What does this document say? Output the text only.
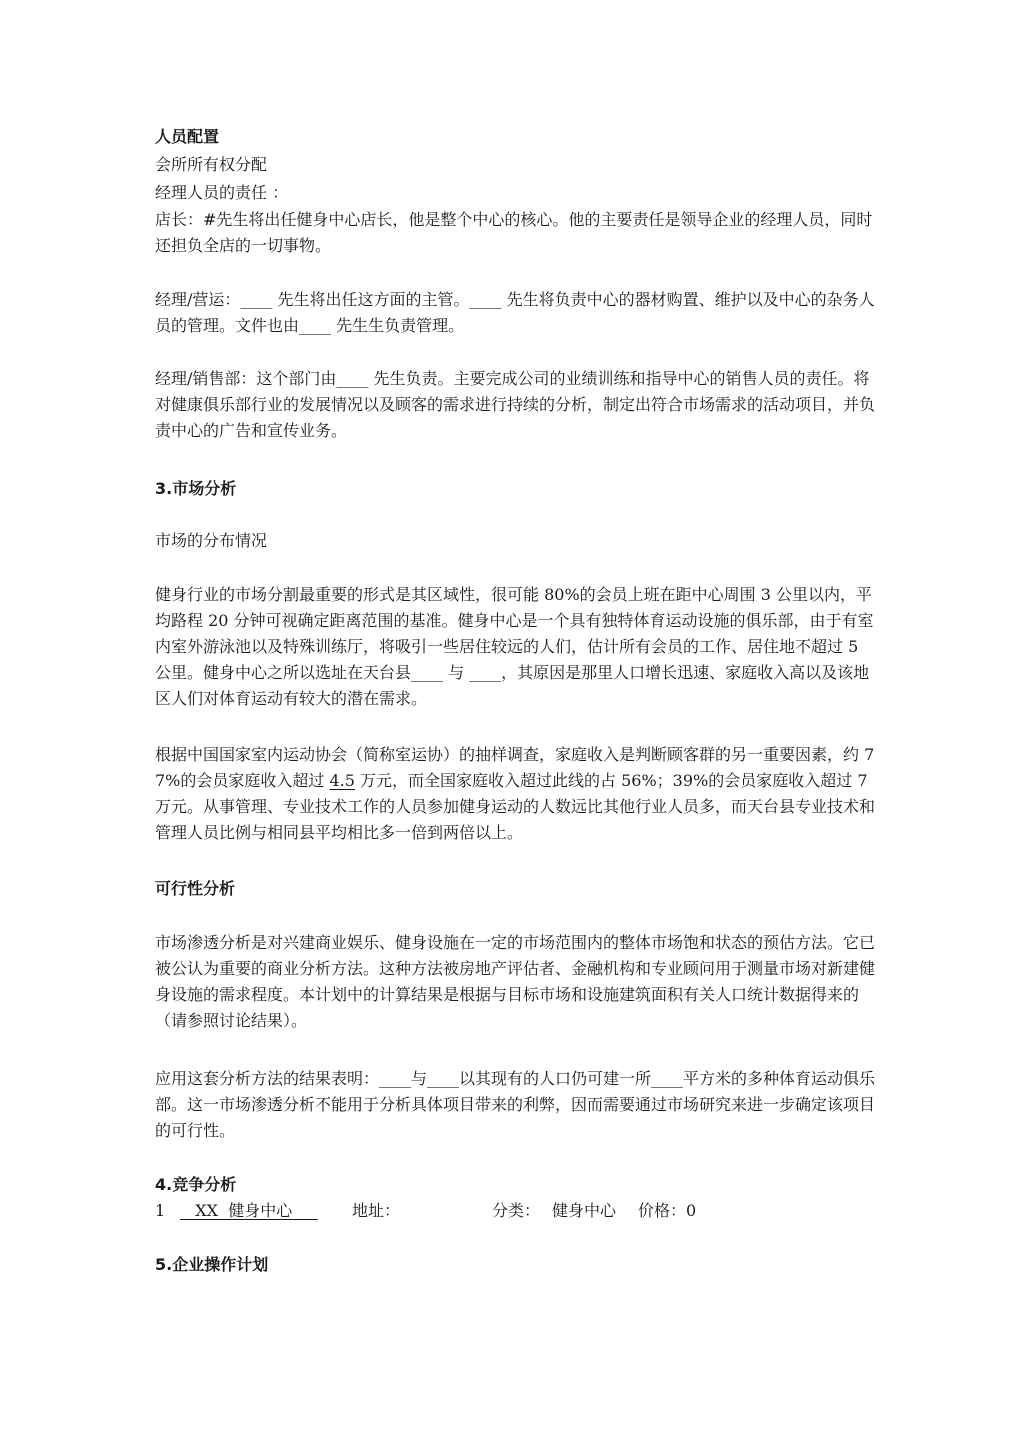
人员配置
会所所有权分配
经理人员的责任 ：
店长：#先生将出任健身中心店长，他是整个中心的核心。他的主要责任是领导企业的经理人员，同时还担负全店的一切事物。
经理/营运：____ 先生将出任这方面的主管。____ 先生将负责中心的器材购置、维护以及中心的杂务人员的管理。文件也由____ 先生生负责管理。
经理/销售部：这个部门由____ 先生负责。主要完成公司的业绩训练和指导中心的销售人员的责任。将对健康俱乐部行业的发展情况以及顾客的需求进行持续的分析，制定出符合市场需求的活动项目，并负责中心的广告和宣传业务。
3.市场分析
市场的分布情况
健身行业的市场分割最重要的形式是其区域性，很可能 80%的会员上班在距中心周围 3 公里以内，平均路程 20 分钟可视确定距离范围的基准。健身中心是一个具有独特体育运动设施的俱乐部，由于有室内室外游泳池以及特殊训练厅，将吸引一些居住较远的人们，估计所有会员的工作、居住地不超过 5 公里。健身中心之所以选址在天台县____ 与 ____，其原因是那里人口增长迅速、家庭收入高以及该地区人们对体育运动有较大的潜在需求。
根据中国国家室内运动协会（简称室运协）的抽样调查，家庭收入是判断顾客群的另一重要因素，约 77%的会员家庭收入超过 4.5 万元，而全国家庭收入超过此线的占 56%；39%的会员家庭收入超过 7 万元。从事管理、专业技术工作的人员参加健身运动的人数远比其他行业人员多，而天台县专业技术和管理人员比例与相同县平均相比多一倍到两倍以上。
可行性分析
市场渗透分析是对兴建商业娱乐、健身设施在一定的市场范围内的整体市场饱和状态的预估方法。它已被公认为重要的商业分析方法。这种方法被房地产评估者、金融机构和专业顾问用于测量市场对新建健身设施的需求程度。本计划中的计算结果是根据与目标市场和设施建筑面积有关人口统计数据得来的（请参照讨论结果）。
应用这套分析方法的结果表明：____与____以其现有的人口仍可建一所____平方米的多种体育运动俱乐部。这一市场渗透分析不能用于分析具体项目带来的利弊，因而需要通过市场研究来进一步确定该项目的可行性。
4.竞争分析
1 XX  健身中心 地址：	分类： 健身中心 价格：0
5.企业操作计划
